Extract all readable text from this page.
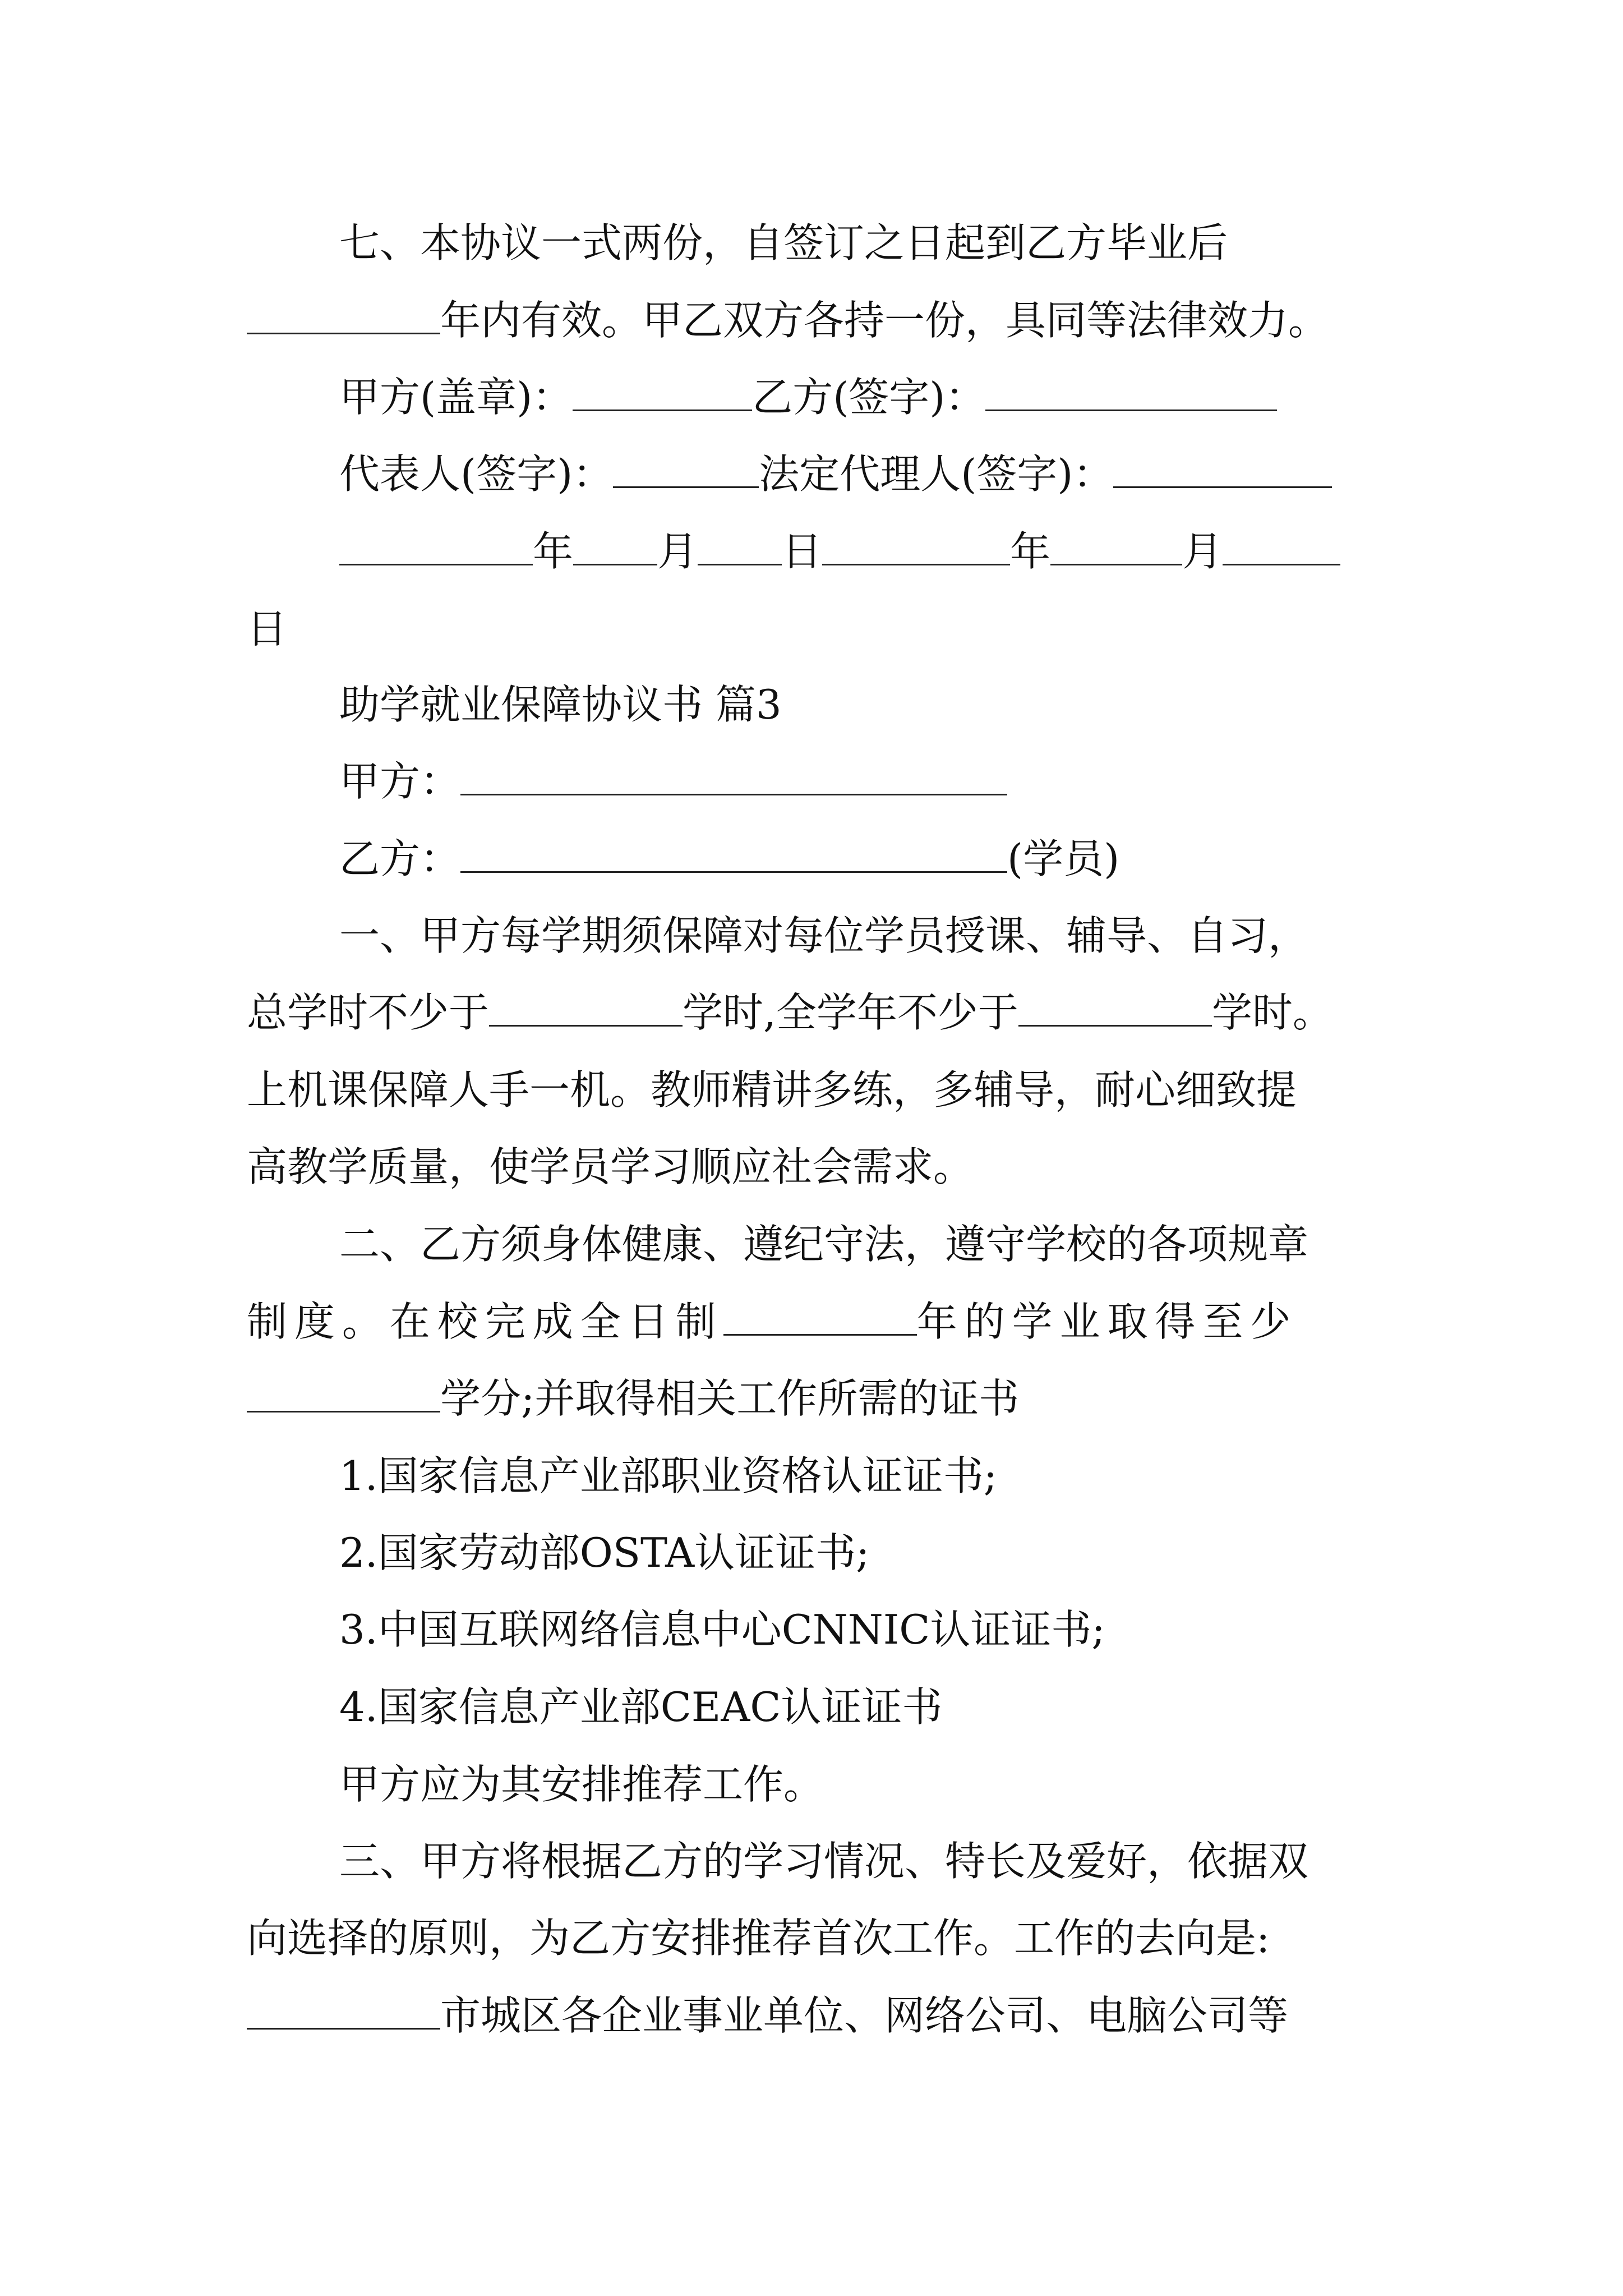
七、本协议一式两份，自签订之日起到乙方毕业后
年内有效。甲乙双方各持一份，具同等法律效力。
甲方(盖章)：	乙方(签字)：
代表人(签字)：	法定代理人(签字)：
年 月 日	年	月
日
助学就业保障协议书 篇3
甲方：
乙方：	(学员)
一、甲方每学期须保障对每位学员授课、辅导、自习，
总学时不少于	学时,全学年不少于	学时。
上机课保障人手一机。教师精讲多练，多辅导，耐心细致提
高教学质量，使学员学习顺应社会需求。
二、乙方须身体健康、遵纪守法，遵守学校的各项规章
制度。在校完成全日制	年的学业取得至少
学分;并取得相关工作所需的证书
1.国家信息产业部职业资格认证证书;
2.国家劳动部OSTA认证证书;
3.中国互联网络信息中心CNNIC认证证书;
4.国家信息产业部CEAC认证证书
甲方应为其安排推荐工作。
三、甲方将根据乙方的学习情况、特长及爱好，依据双
向选择的原则，为乙方安排推荐首次工作。工作的去向是:
市城区各企业事业单位、网络公司、电脑公司等
